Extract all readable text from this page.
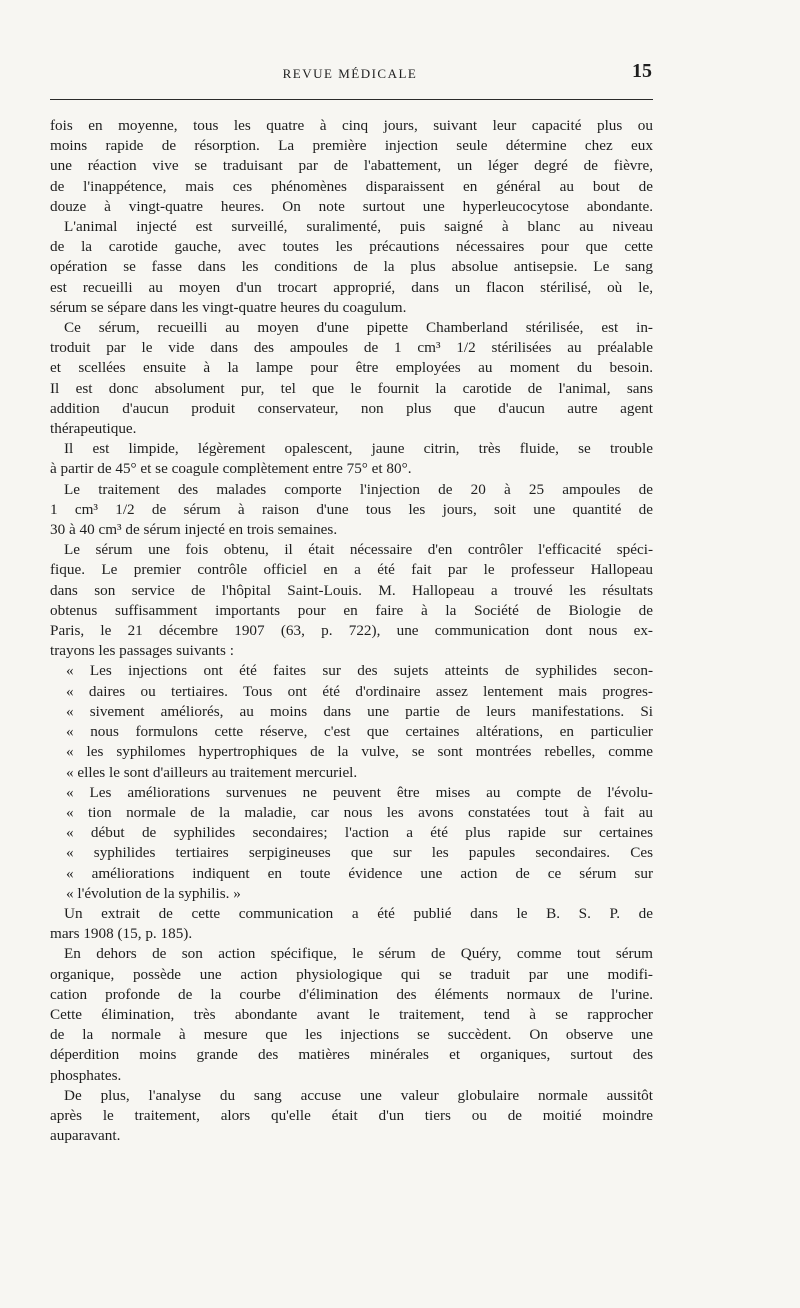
REVUE MÉDICALE	15
fois en moyenne, tous les quatre à cinq jours, suivant leur capacité plus ou
moins rapide de résorption. La première injection seule détermine chez eux
une réaction vive se traduisant par de l'abattement, un léger degré de fièvre,
de l'inappétence, mais ces phénomènes disparaissent en général au bout de
douze à vingt-quatre heures. On note surtout une hyperleucocytose abondante.
L'animal injecté est surveillé, suralimenté, puis saigné à blanc au niveau
de la carotide gauche, avec toutes les précautions nécessaires pour que cette
opération se fasse dans les conditions de la plus absolue antisepsie. Le sang
est recueilli au moyen d'un trocart approprié, dans un flacon stérilisé, où le,
sérum se sépare dans les vingt-quatre heures du coagulum.
Ce sérum, recueilli au moyen d'une pipette Chamberland stérilisée, est in-
troduit par le vide dans des ampoules de 1 cm³ 1/2 stérilisées au préalable
et scellées ensuite à la lampe pour être employées au moment du besoin.
Il est donc absolument pur, tel que le fournit la carotide de l'animal, sans
addition d'aucun produit conservateur, non plus que d'aucun autre agent
thérapeutique.
Il est limpide, légèrement opalescent, jaune citrin, très fluide, se trouble
à partir de 45° et se coagule complètement entre 75° et 80°.
Le traitement des malades comporte l'injection de 20 à 25 ampoules de
1 cm³ 1/2 de sérum à raison d'une tous les jours, soit une quantité de
30 à 40 cm³ de sérum injecté en trois semaines.
Le sérum une fois obtenu, il était nécessaire d'en contrôler l'efficacité spéci-
fique. Le premier contrôle officiel en a été fait par le professeur Hallopeau
dans son service de l'hôpital Saint-Louis. M. Hallopeau a trouvé les résultats
obtenus suffisamment importants pour en faire à la Société de Biologie de
Paris, le 21 décembre 1907 (63, p. 722), une communication dont nous ex-
trayons les passages suivants :
« Les injections ont été faites sur des sujets atteints de syphilides secon-
« daires ou tertiaires. Tous ont été d'ordinaire assez lentement mais progres-
« sivement améliorés, au moins dans une partie de leurs manifestations. Si
« nous formulons cette réserve, c'est que certaines altérations, en particulier
« les syphilomes hypertrophiques de la vulve, se sont montrées rebelles, comme
« elles le sont d'ailleurs au traitement mercuriel.
« Les améliorations survenues ne peuvent être mises au compte de l'évolu-
« tion normale de la maladie, car nous les avons constatées tout à fait au
« début de syphilides secondaires; l'action a été plus rapide sur certaines
« syphilides tertiaires serpigineuses que sur les papules secondaires. Ces
« améliorations indiquent en toute évidence une action de ce sérum sur
« l'évolution de la syphilis. »
Un extrait de cette communication a été publié dans le B. S. P. de
mars 1908 (15, p. 185).
En dehors de son action spécifique, le sérum de Quéry, comme tout sérum
organique, possède une action physiologique qui se traduit par une modifi-
cation profonde de la courbe d'élimination des éléments normaux de l'urine.
Cette élimination, très abondante avant le traitement, tend à se rapprocher
de la normale à mesure que les injections se succèdent. On observe une
déperdition moins grande des matières minérales et organiques, surtout des
phosphates.
De plus, l'analyse du sang accuse une valeur globulaire normale aussitôt
après le traitement, alors qu'elle était d'un tiers ou de moitié moindre
auparavant.
